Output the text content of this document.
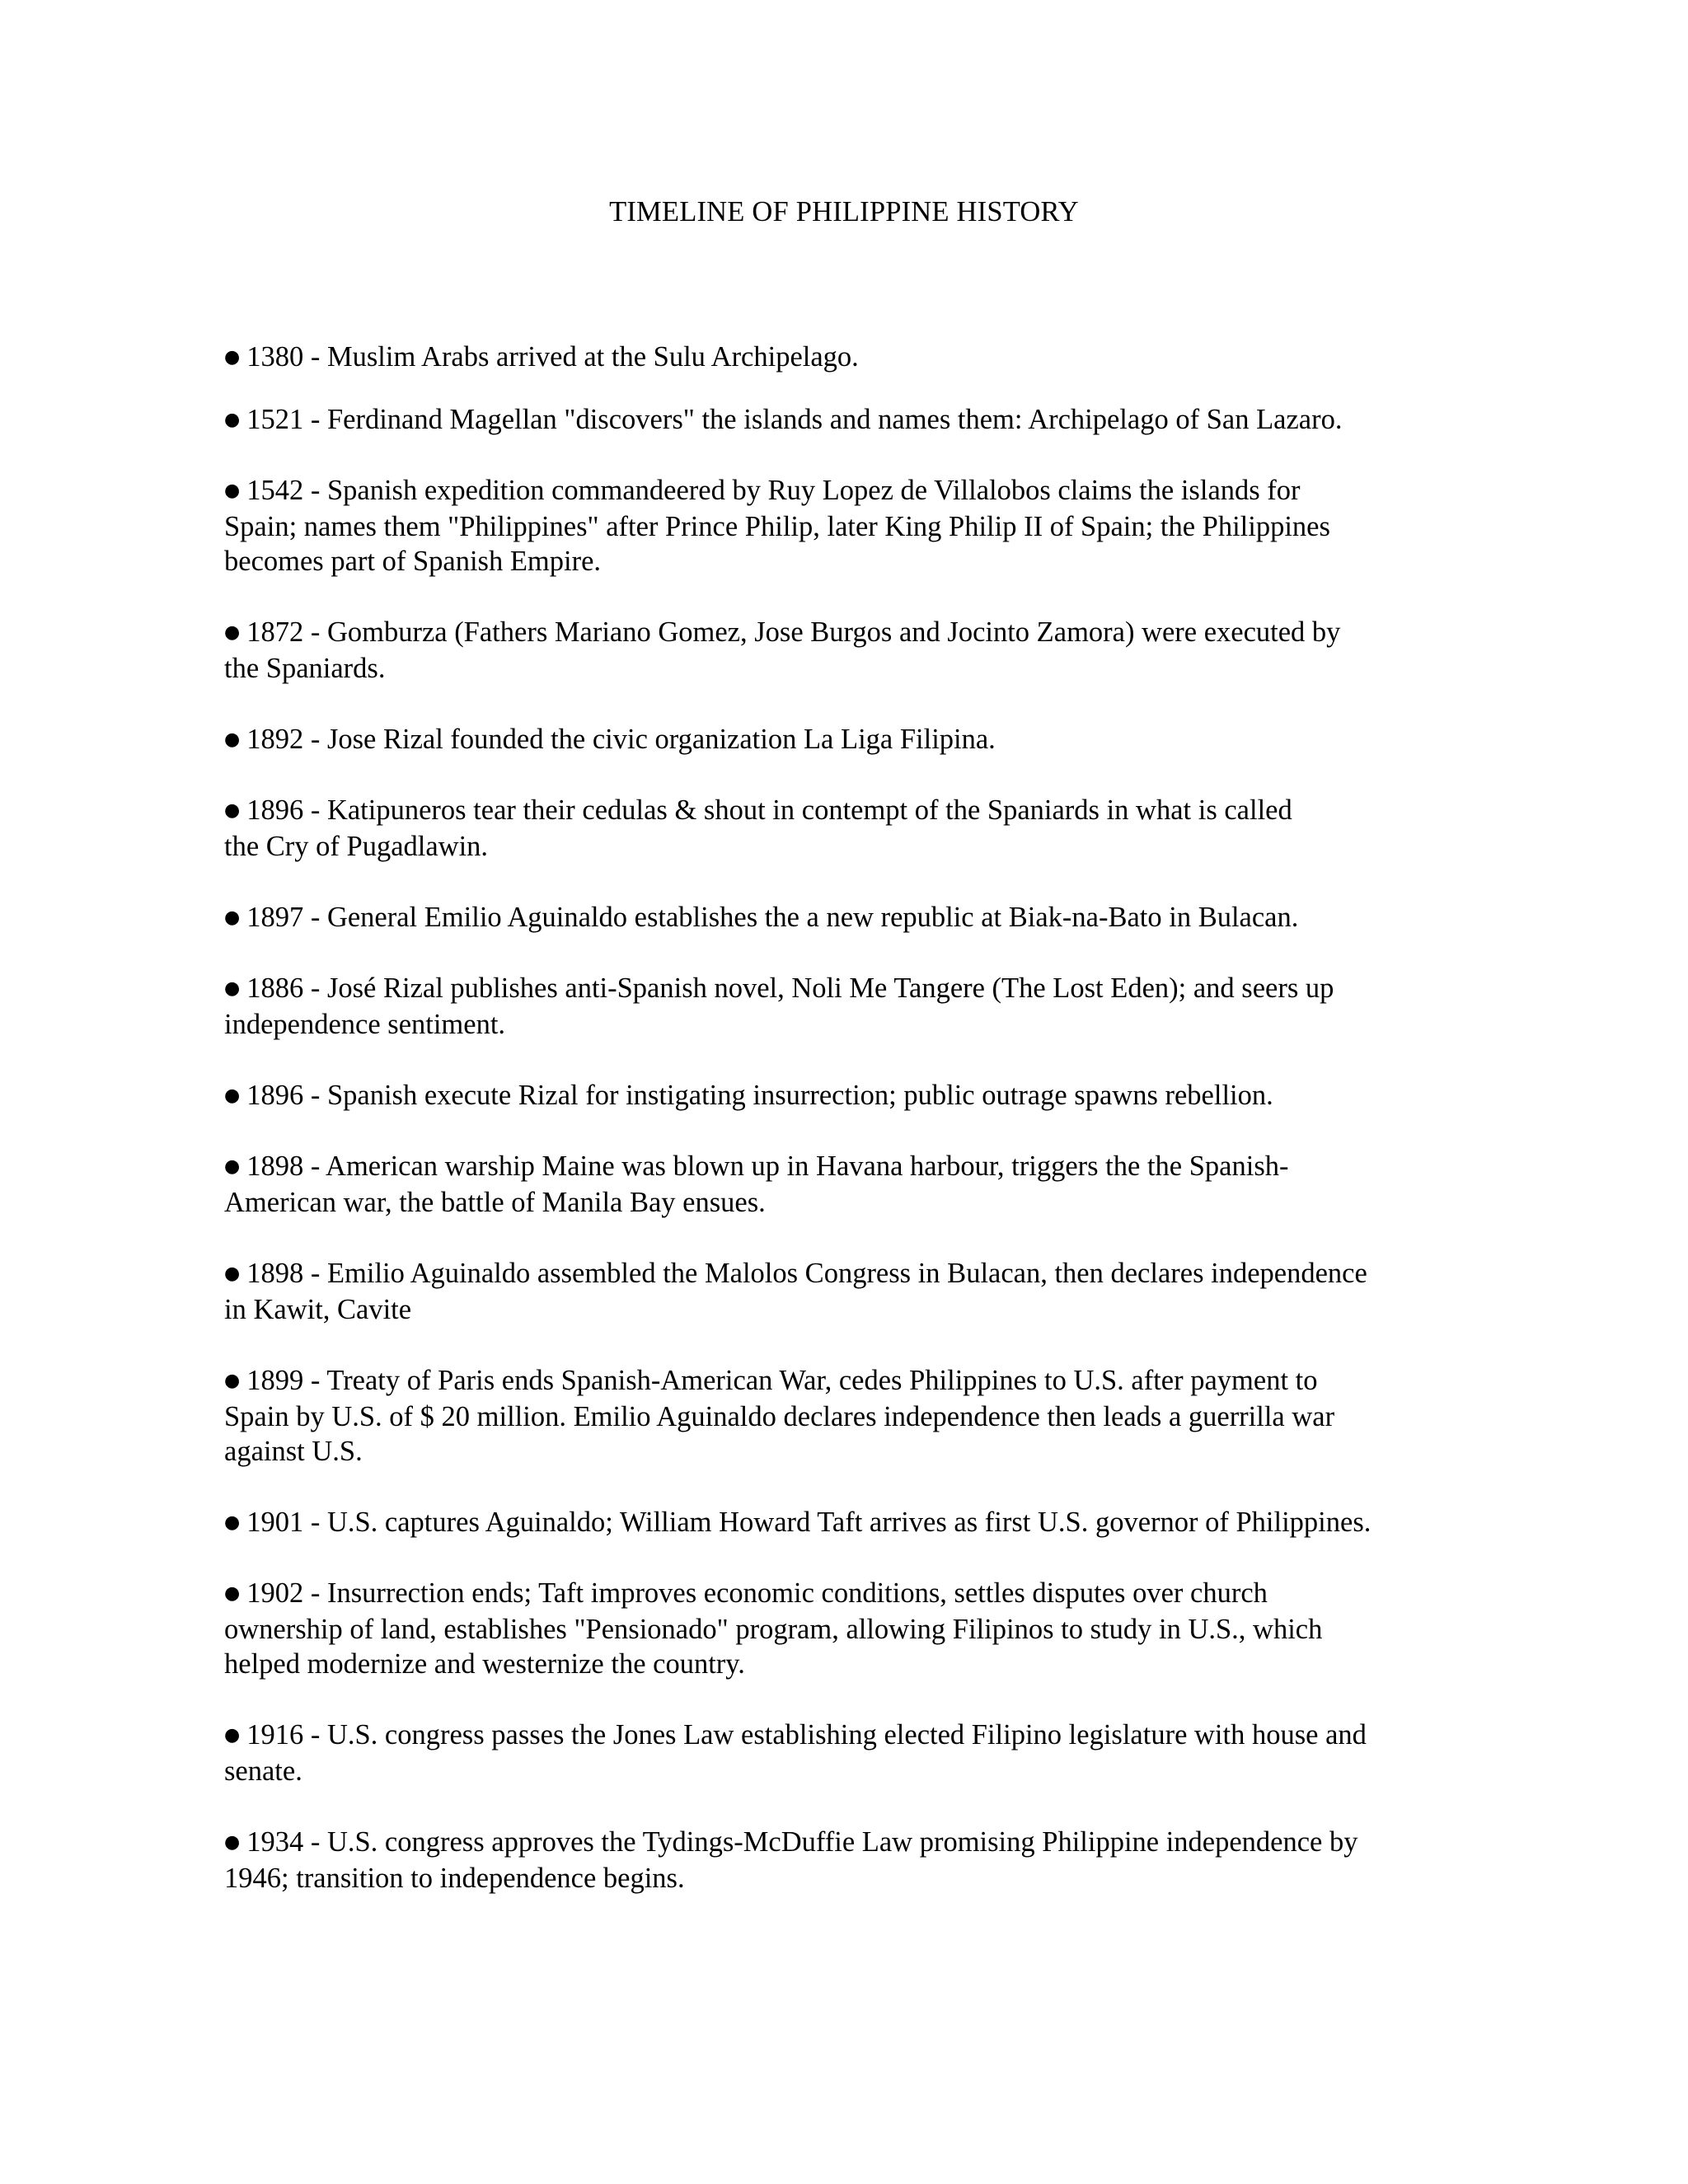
TIMELINE OF PHILIPPINE HISTORY
● 1380 - Muslim Arabs arrived at the Sulu Archipelago.
● 1521 - Ferdinand Magellan "discovers" the islands and names them: Archipelago of San Lazaro.
● 1542 - Spanish expedition commandeered by Ruy Lopez de Villalobos claims the islands for
Spain; names them "Philippines" after Prince Philip, later King Philip II of Spain; the Philippines
becomes part of Spanish Empire.
● 1872 - Gomburza (Fathers Mariano Gomez, Jose Burgos and Jocinto Zamora) were executed by
the Spaniards.
● 1892 - Jose Rizal founded the civic organization La Liga Filipina.
● 1896 - Katipuneros tear their cedulas & shout in contempt of the Spaniards in what is called
the Cry of Pugadlawin.
● 1897 - General Emilio Aguinaldo establishes the a new republic at Biak-na-Bato in Bulacan.
● 1886 - José Rizal publishes anti-Spanish novel, Noli Me Tangere (The Lost Eden); and seers up
independence sentiment.
● 1896 - Spanish execute Rizal for instigating insurrection; public outrage spawns rebellion.
● 1898 - American warship Maine was blown up in Havana harbour, triggers the the Spanish-
American war, the battle of Manila Bay ensues.
● 1898 - Emilio Aguinaldo assembled the Malolos Congress in Bulacan, then declares independence
in Kawit, Cavite
● 1899 - Treaty of Paris ends Spanish-American War, cedes Philippines to U.S. after payment to
Spain by U.S. of $ 20 million. Emilio Aguinaldo declares independence then leads a guerrilla war
against U.S.
● 1901 - U.S. captures Aguinaldo; William Howard Taft arrives as first U.S. governor of Philippines.
● 1902 - Insurrection ends; Taft improves economic conditions, settles disputes over church
ownership of land, establishes "Pensionado" program, allowing Filipinos to study in U.S., which
helped modernize and westernize the country.
● 1916 - U.S. congress passes the Jones Law establishing elected Filipino legislature with house and
senate.
● 1934 - U.S. congress approves the Tydings-McDuffie Law promising Philippine independence by
1946; transition to independence begins.
